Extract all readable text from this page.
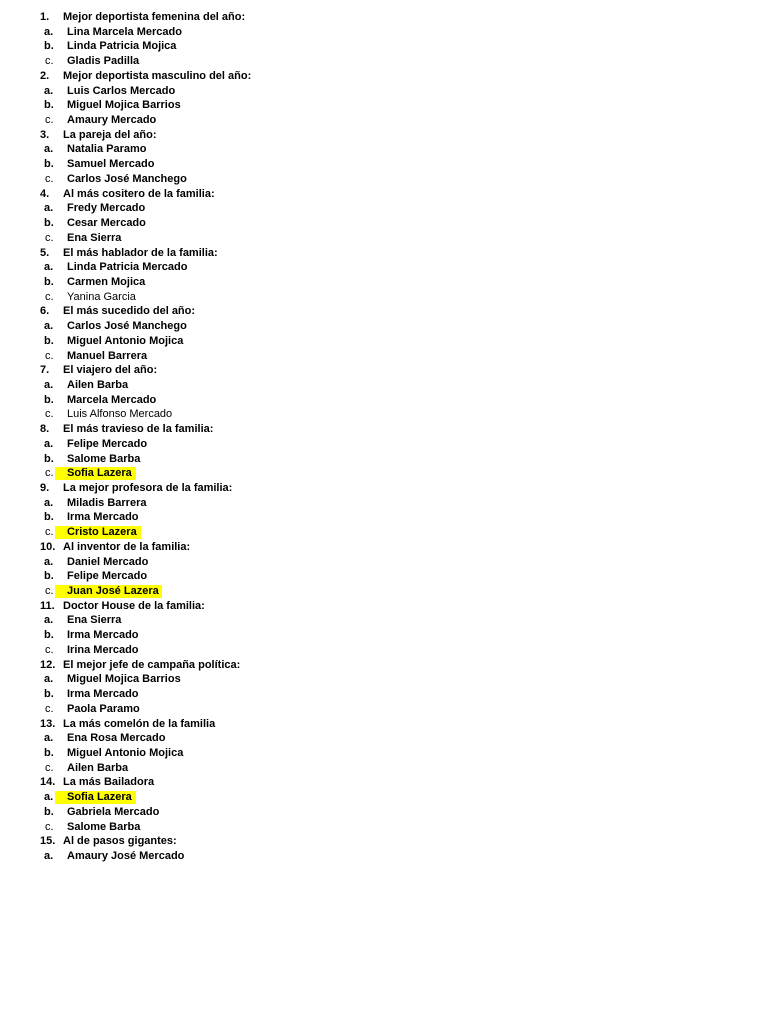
1. Mejor deportista femenina del año:
a. Lina Marcela Mercado
b. Linda Patricia Mojica
c. Gladis Padilla
2. Mejor deportista masculino del año:
a. Luis Carlos Mercado
b. Miguel Mojica Barrios
c. Amaury Mercado
3. La pareja del año:
a. Natalia Paramo
b. Samuel Mercado
c. Carlos José Manchego
4. Al más cositero de la familia:
a. Fredy Mercado
b. Cesar Mercado
c. Ena Sierra
5. El más hablador de la familia:
a. Linda Patricia Mercado
b. Carmen Mojica
c. Yanina Garcia
6. El más sucedido del año:
a. Carlos José Manchego
b. Miguel Antonio Mojica
c. Manuel Barrera
7. El viajero del año:
a. Ailen Barba
b. Marcela Mercado
c. Luis Alfonso Mercado
8. El más travieso de la familia:
a. Felipe Mercado
b. Salome Barba
c. Sofia Lazera
9. La mejor profesora de la familia:
a. Miladis Barrera
b. Irma Mercado
c. Cristo Lazera
10. Al inventor de la familia:
a. Daniel Mercado
b. Felipe Mercado
c. Juan José Lazera
11. Doctor House de la familia:
a. Ena Sierra
b. Irma Mercado
c. Irina Mercado
12. El mejor jefe de campaña política:
a. Miguel Mojica Barrios
b. Irma Mercado
c. Paola Paramo
13. La más comelón de la familia
a. Ena Rosa Mercado
b. Miguel Antonio Mojica
c. Ailen Barba
14. La más Bailadora
a. Sofia Lazera
b. Gabriela Mercado
c. Salome Barba
15. Al de pasos gigantes:
a. Amaury José Mercado
